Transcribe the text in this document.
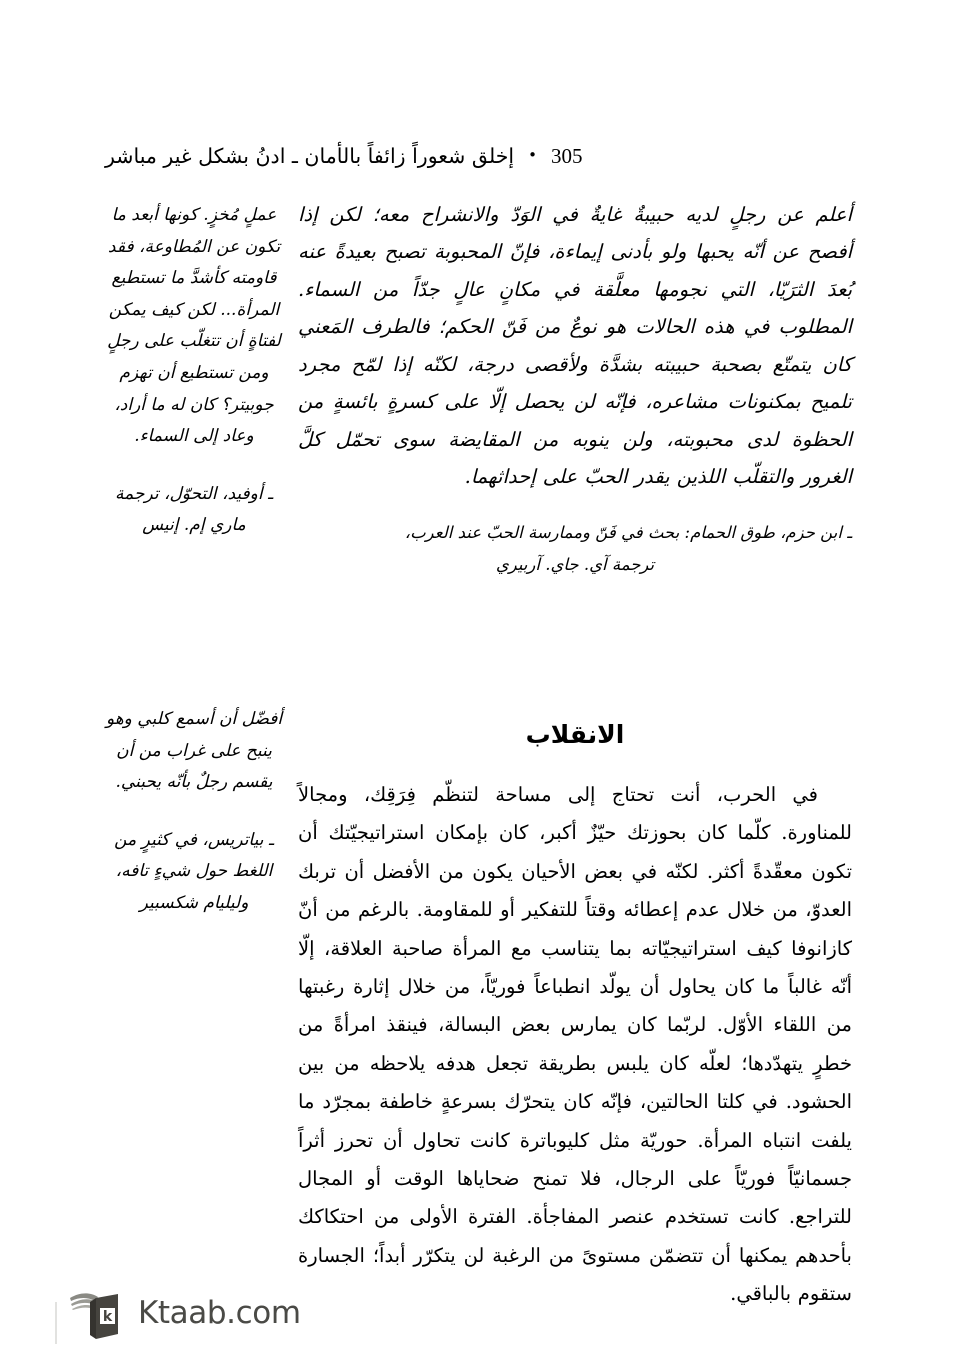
305
•
إخلق شعوراً زائفاً بالأمان ـ ادنُ بشكل غير مباشر

أعلم عن رجلٍ لديه حبيبةٌ غايةٌ في الوَدّ والانشراح معه؛ لكن إذا أفصح عن أنّه يحبها ولو بأدنى إيماءة، فإنّ المحبوبة تصبح بعيدةً عنه بُعدَ الثرَيّا، التي نجومها معلَّقة في مكانٍ عالٍ جدّاً من السماء. المطلوب في هذه الحالات هو نوعٌ من فَنّ الحكم؛ فالطرف المَعني كان يتمتّع بصحبة حبيبته بشدَّة ولأقصى درجة، لكنّه إذا لمّح مجرد تلميح بمكنونات مشاعره، فإنّه لن يحصل إلّا على كسرةٍ بائسةٍ من الحظوة لدى محبوبته، ولن ينوبه من المقايضة سوى تحمّل كلَّ الغرور والتقلّب اللذين يقدر الحبّ على إحداثهما.

ـ ابن حزم، طوق الحمام: بحث في فَنّ وممارسة الحبّ عند العرب،
ترجمة آي. جاي. آربيري
الانقلاب

في الحرب، أنت تحتاج إلى مساحة لتنظّم فِرَقِك، ومجالاً للمناورة. كلّما كان بحوزتك حيّزٌ أكبر، كان بإمكان استراتيجيّتك أن تكون معقّدةً أكثر. لكنّه في بعض الأحيان يكون من الأفضل أن تربك العدوّ، من خلال عدم إعطائه وقتاً للتفكير أو للمقاومة. بالرغم من أنّ كازانوفا كيف استراتيجيّاته بما يتناسب مع المرأة صاحبة العلاقة، إلّا أنّه غالباً ما كان يحاول أن يولّد انطباعاً فوريّاً، من خلال إثارة رغبتها من اللقاء الأوّل. لربّما كان يمارس بعض البسالة، فينقذ امرأةً من خطرٍ يتهدّدها؛ لعلّه كان يلبس بطريقة تجعل هدفه يلاحظه من بين الحشود. في كلتا الحالتين، فإنّه كان يتحرّك بسرعةٍ خاطفة بمجرّد ما يلفت انتباه المرأة. حوريّة مثل كليوباترة كانت تحاول أن تحرز أثراً جسمانيّاً فوريّاً على الرجال، فلا تمنح ضحاياها الوقت أو المجال للتراجع. كانت تستخدم عنصر المفاجأة. الفترة الأولى من احتكاكك بأحدهم يمكنها أن تتضمّن مستوىً من الرغبة لن يتكرّر أبداً؛ الجسارة ستقوم بالباقي.

عملٍ مُخزٍ. كونها أبعد ما تكون عن المُطاوعة، فقد قاومته كأشدَّ ما تستطيع المرأة... لكن كيف يمكن لفتاةٍ أن تتغلّب على رجلٍ ومن تستطيع أن تهزم جوبيتر؟ كان له ما أراد، وعاد إلى السماء.

ـ أوفيد، التحوّل، ترجمة ماري إم. إنيس

أفضّل أن أسمع كلبي وهو ينبح على غراب من أن يقسم رجلٌ بأنّه يحبني.

ـ بياتريس، في كثيرٍ من اللغط حول شيءٍ تافه، وليليام شكسبير
k Ktaab.com
